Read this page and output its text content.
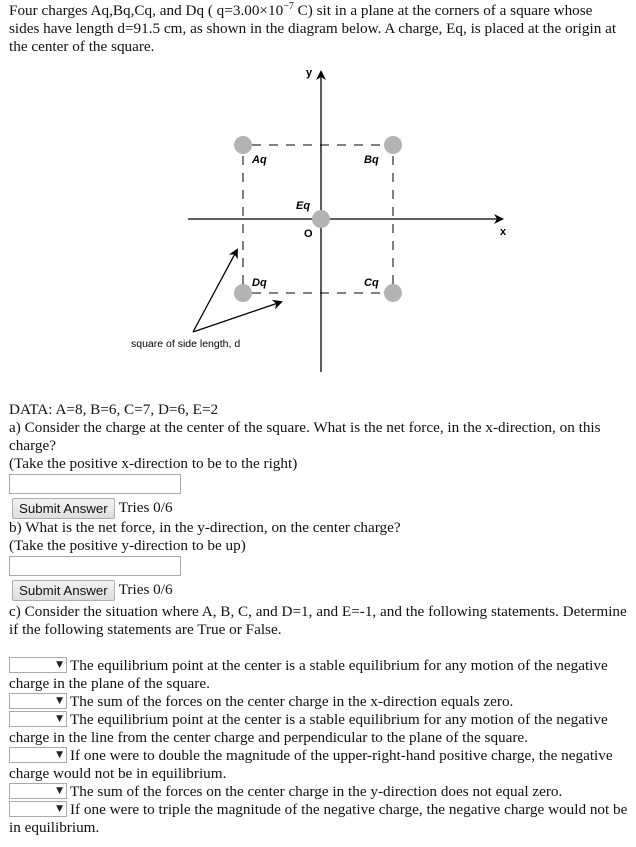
Four charges Aq,Bq,Cq, and Dq ( $q=3.00\times 10^{-7}$ C) sit in a plane at the corners of a square whose sides have length d=91.5 cm, as shown in the diagram below. A charge, Eq, is placed at the origin at the center of the square.

x
y
O
Aq	Bq
Cq
Dq
Eq
square of side length, d

DATA: A=8, B=6, C=7, D=6, E=2

a) Consider the charge at the center of the square. What is the net force, in the x-direction, on this charge?

(Take the positive x-direction to be to the right)

Submit Answer Tries 0/6

b) What is the net force, in the y-direction, on the center charge?

(Take the positive y-direction to be up)

Submit Answer Tries 0/6

c) Consider the situation where A, B, C, and D=1, and E=-1, and the following statements. Determine if the following statements are True or False.

▼ The equilibrium point at the center is a stable equilibrium for any motion of the negative charge in the plane of the square.

▼ The sum of the forces on the center charge in the x-direction equals zero.

▼ The equilibrium point at the center is a stable equilibrium for any motion of the negative charge in the line from the center charge and perpendicular to the plane of the square.

▼ If one were to double the magnitude of the upper-right-hand positive charge, the negative charge would not be in equilibrium.

▼ The sum of the forces on the center charge in the y-direction does not equal zero.

▼ If one were to triple the magnitude of the negative charge, the negative charge would not be in equilibrium.
